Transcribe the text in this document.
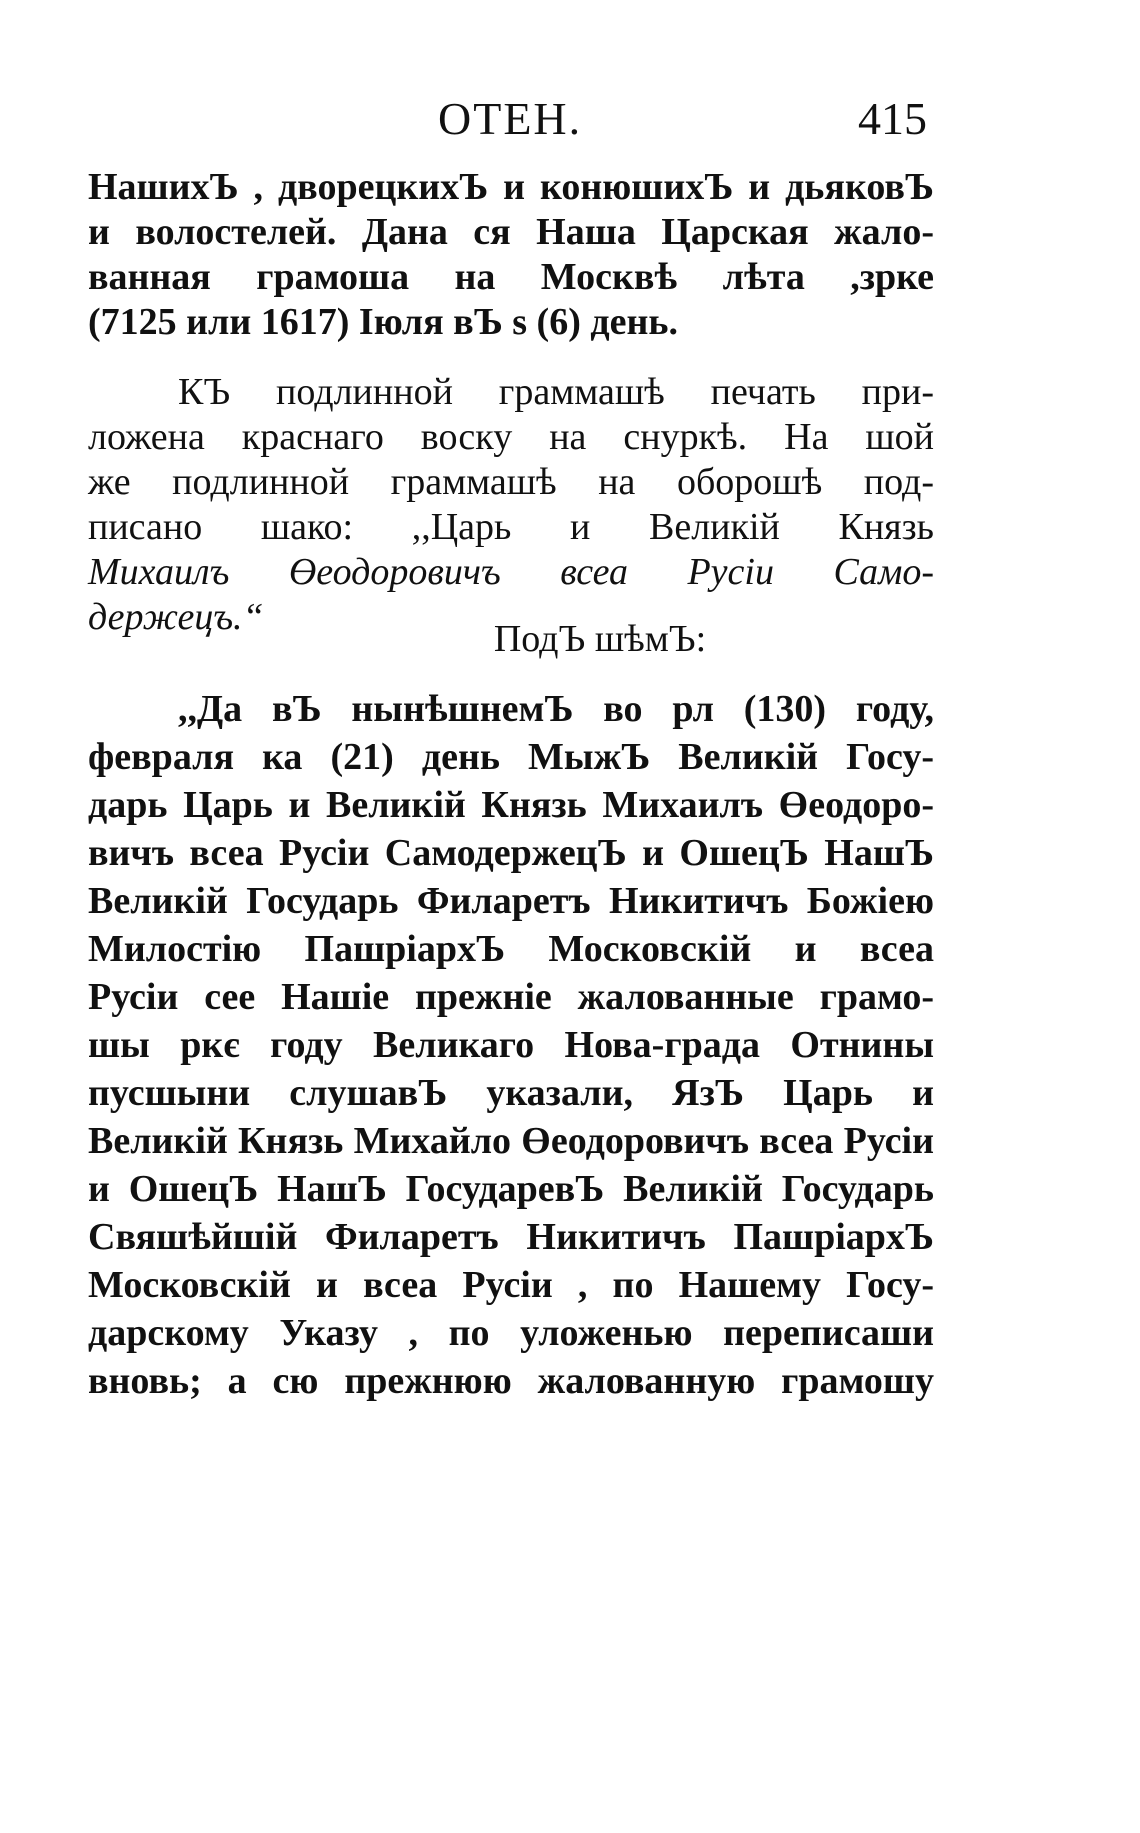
ОТЕН.	415
НашихЪ , дворецкихЪ и конюшихЪ и дьяковЪ
и волостелей. Дана ся Наша Царская жало-
ванная грамоша на Москвѣ лѣта ,зрке
(7125 или 1617) Іюля вЪ ѕ (6) день.
КЪ подлинной граммашѣ печать при-
ложена краснаго воску на снуркѣ. На шой
же подлинной граммашѣ на оборошѣ под-
писано шако: ,,Царь и Великій Князь
Михаилъ Өеодоровичъ всеа Русіи Само-
держецъ.“
ПодЪ шѣмЪ:
,,Да вЪ нынѣшнемЪ во рл (130) году,
февраля ка (21) день МыжЪ Великій Госу-
дарь Царь и Великій Князь Михаилъ Өеодоро-
вичъ всеа Русіи СамодержецЪ и ОшецЪ НашЪ
Великій Государь Филаретъ Никитичъ Божіею
Милостію ПашріархЪ Московскій и всеа
Русіи сее Нашіе прежніе жалованные грамо-
шы ркє году Великаго Нова-града Отнины
пусшыни слушавЪ указали, ЯзЪ Царь и
Великій Князь Михайло Өеодоровичъ всеа Русіи
и ОшецЪ НашЪ ГосударевЪ Великій Государь
Свяшѣйшій Филаретъ Никитичъ ПашріархЪ
Московскій и всеа Русіи , по Нашему Госу-
дарскому Указу , по уложенью переписаши
вновь; а сю прежнюю жалованную грамошу
